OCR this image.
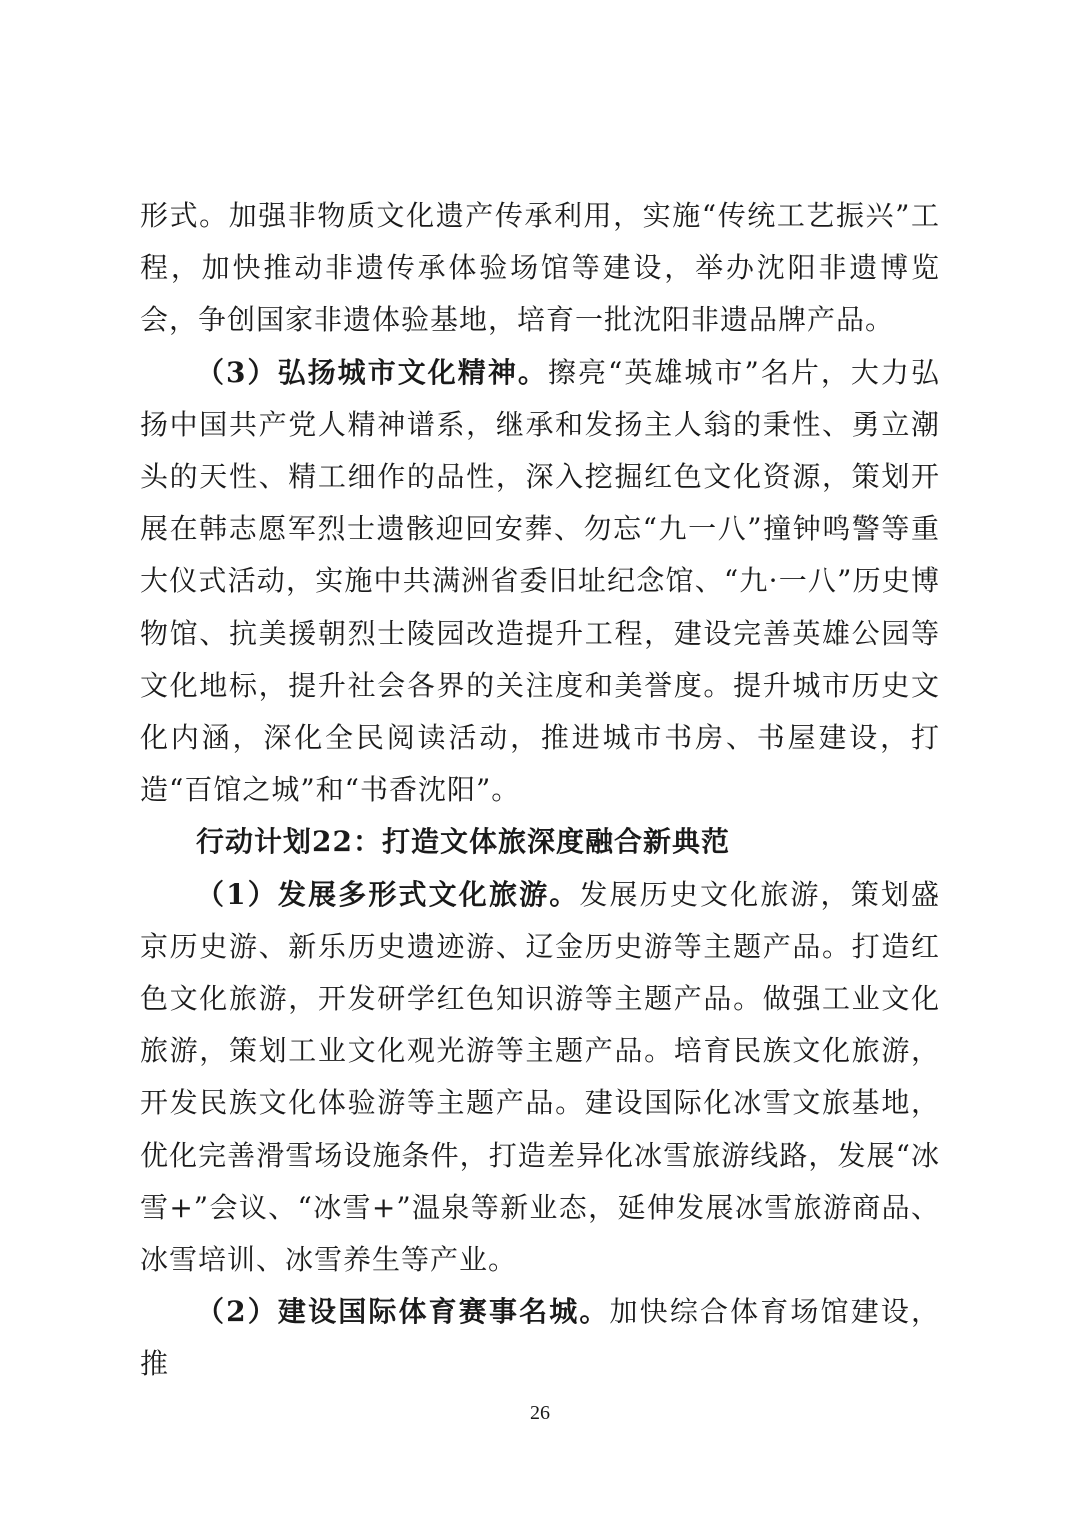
形式。加强非物质文化遗产传承利用，实施“传统工艺振兴”工程，加快推动非遗传承体验场馆等建设，举办沈阳非遗博览会，争创国家非遗体验基地，培育一批沈阳非遗品牌产品。

（3）弘扬城市文化精神。擦亮“英雄城市”名片，大力弘扬中国共产党人精神谱系，继承和发扬主人翁的秉性、勇立潮头的天性、精工细作的品性，深入挖掘红色文化资源，策划开展在韩志愿军烈士遗骸迎回安葬、勿忘“九一八”撞钟鸣警等重大仪式活动，实施中共满洲省委旧址纪念馆、“九·一八”历史博物馆、抗美援朝烈士陵园改造提升工程，建设完善英雄公园等文化地标，提升社会各界的关注度和美誉度。提升城市历史文化内涵，深化全民阅读活动，推进城市书房、书屋建设，打造“百馆之城”和“书香沈阳”。

行动计划22：打造文体旅深度融合新典范

（1）发展多形式文化旅游。发展历史文化旅游，策划盛京历史游、新乐历史遗迹游、辽金历史游等主题产品。打造红色文化旅游，开发研学红色知识游等主题产品。做强工业文化旅游，策划工业文化观光游等主题产品。培育民族文化旅游，开发民族文化体验游等主题产品。建设国际化冰雪文旅基地，优化完善滑雪场设施条件，打造差异化冰雪旅游线路，发展“冰雪+”会议、“冰雪+”温泉等新业态，延伸发展冰雪旅游商品、冰雪培训、冰雪养生等产业。

（2）建设国际体育赛事名城。加快综合体育场馆建设，推

26
